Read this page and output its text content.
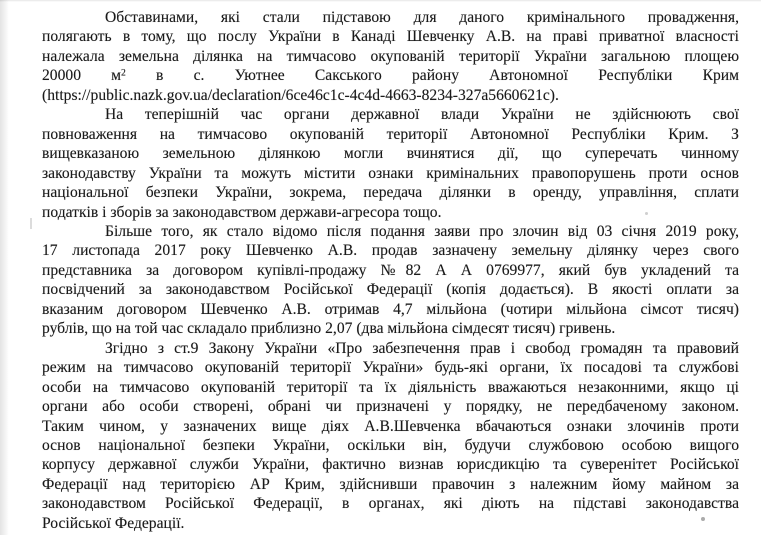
Обставинами, які стали підставою для даного кримінального провадження,
полягають в тому, що послу України в Канаді Шевченку А.В. на праві приватної власності
належала земельна ділянка на тимчасово окупованій території України загальною площею
20000 $м^2$ в с. Уютнее Сакського району Автономної Республіки Крим
(https://public.nazk.gov.ua/declaration/6ce46c1c-4c4d-4663-8234-327a5660621c).
На теперішній час органи державної влади України не здійснюють свої
повноваження на тимчасово окупованій території Автономної Республіки Крим. З
вищевказаною земельною ділянкою могли вчинятися дії, що суперечать чинному
законодавству України та можуть містити ознаки кримінальних правопорушень проти основ
національної безпеки України, зокрема, передача ділянки в оренду, управління, сплати
податків і зборів за законодавством держави-агресора тощо.
Більше того, як стало відомо після подання заяви про злочин від 03 січня 2019 року,
17 листопада 2017 року Шевченко А.В. продав зазначену земельну ділянку через свого
представника за договором купівлі-продажу №82 А А 0769977, який був укладений та
посвідчений за законодавством Російської Федерації (копія додається). В якості оплати за
вказаним договором Шевченко А.В. отримав 4,7 мільйона (чотири мільйона сімсот тисяч)
рублів, що на той час складало приблизно 2,07 (два мільйона сімдесят тисяч) гривень.
Згідно з ст.9 Закону України «Про забезпечення прав і свобод громадян та правовий
режим на тимчасово окупованій території України» будь-які органи, їх посадові та службові
особи на тимчасово окупованій території та їх діяльність вважаються незаконними, якщо ці
органи або особи створені, обрані чи призначені у порядку, не передбаченому законом.
Таким чином, у зазначених вище діях А.В.Шевченка вбачаються ознаки злочинів проти
основ національної безпеки України, оскільки він, будучи службовою особою вищого
корпусу державної служби України, фактично визнав юрисдикцію та суверенітет Російської
Федерації над територією АР Крим, здійснивши правочин з належним йому майном за
законодавством Російської Федерації, в органах, які діють на підставі законодавства
Російської Федерації.
